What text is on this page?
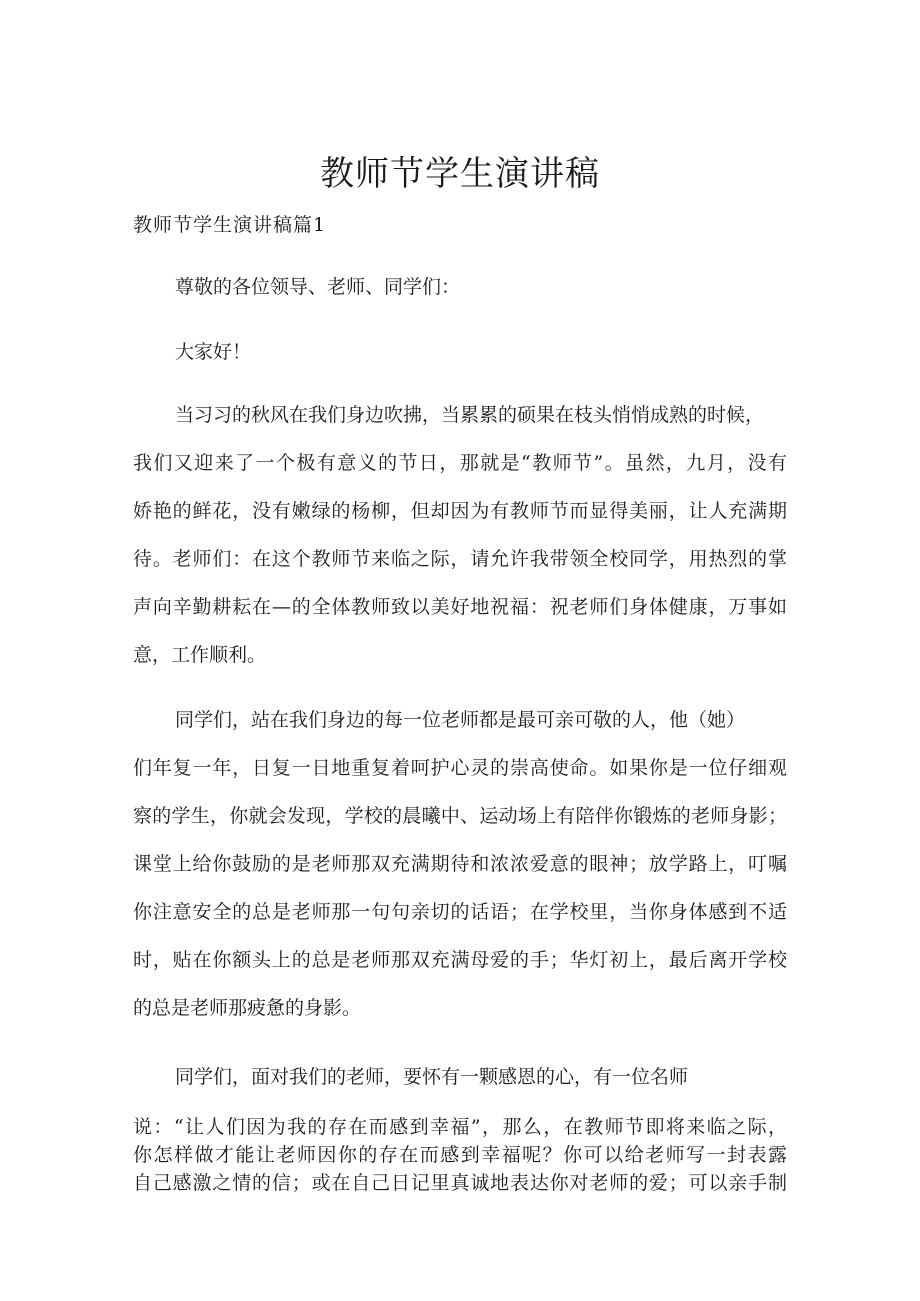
教师节学生演讲稿
教师节学生演讲稿篇1
尊敬的各位领导、老师、同学们：
大家好！
当习习的秋风在我们身边吹拂，当累累的硕果在枝头悄悄成熟的时候，
我们又迎来了一个极有意义的节日，那就是“教师节”。虽然，九月，没有
娇艳的鲜花，没有嫩绿的杨柳，但却因为有教师节而显得美丽，让人充满期
待。老师们：在这个教师节来临之际，请允许我带领全校同学，用热烈的掌
声向辛勤耕耘在—的全体教师致以美好地祝福：祝老师们身体健康，万事如
意，工作顺利。
同学们，站在我们身边的每一位老师都是最可亲可敬的人，他（她）
们年复一年，日复一日地重复着呵护心灵的崇高使命。如果你是一位仔细观
察的学生，你就会发现，学校的晨曦中、运动场上有陪伴你锻炼的老师身影；
课堂上给你鼓励的是老师那双充满期待和浓浓爱意的眼神；放学路上，叮嘱
你注意安全的总是老师那一句句亲切的话语；在学校里，当你身体感到不适
时，贴在你额头上的总是老师那双充满母爱的手；华灯初上，最后离开学校
的总是老师那疲惫的身影。
同学们，面对我们的老师，要怀有一颗感恩的心，有一位名师
说：“让人们因为我的存在而感到幸福”，那么，在教师节即将来临之际，
你怎样做才能让老师因你的存在而感到幸福呢？你可以给老师写一封表露
自己感激之情的信；或在自己日记里真诚地表达你对老师的爱；可以亲手制
